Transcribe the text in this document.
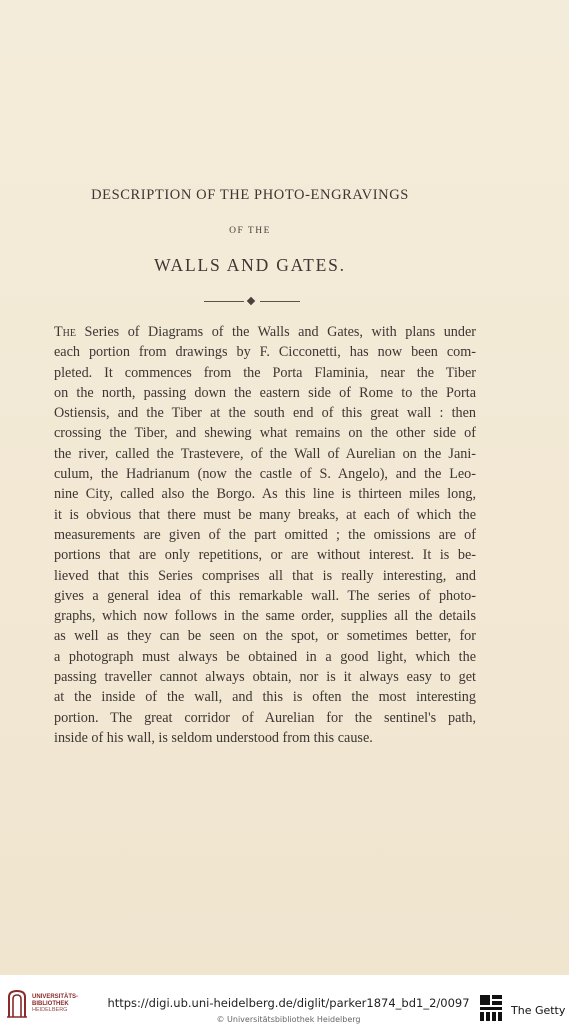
DESCRIPTION OF THE PHOTO-ENGRAVINGS
OF THE
WALLS AND GATES.
The Series of Diagrams of the Walls and Gates, with plans under
each portion from drawings by F. Cicconetti, has now been com-
pleted. It commences from the Porta Flaminia, near the Tiber
on the north, passing down the eastern side of Rome to the Porta
Ostiensis, and the Tiber at the south end of this great wall : then
crossing the Tiber, and shewing what remains on the other side of
the river, called the Trastevere, of the Wall of Aurelian on the Jani-
culum, the Hadrianum (now the castle of S. Angelo), and the Leo-
nine City, called also the Borgo. As this line is thirteen miles long,
it is obvious that there must be many breaks, at each of which the
measurements are given of the part omitted ; the omissions are of
portions that are only repetitions, or are without interest. It is be-
lieved that this Series comprises all that is really interesting, and
gives a general idea of this remarkable wall. The series of photo-
graphs, which now follows in the same order, supplies all the details
as well as they can be seen on the spot, or sometimes better, for
a photograph must always be obtained in a good light, which the
passing traveller cannot always obtain, nor is it always easy to get
at the inside of the wall, and this is often the most interesting
portion. The great corridor of Aurelian for the sentinel's path,
inside of his wall, is seldom understood from this cause.
UNIVERSITÄTS-
BIBLIOTHEK
HEIDELBERG	https://digi.ub.uni-heidelberg.de/diglit/parker1874_bd1_2/0097
© Universitätsbibliothek Heidelberg
The Getty
